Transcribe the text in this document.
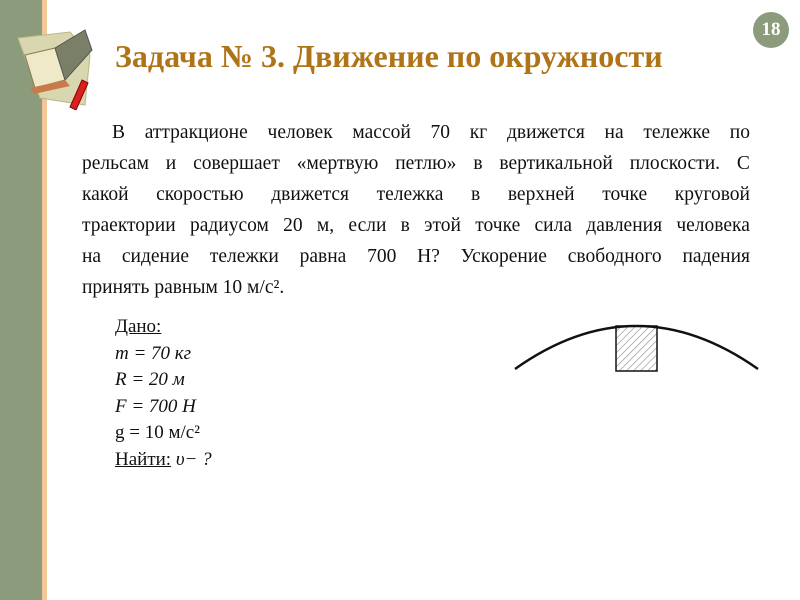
Задача № 3. Движение по окружности
18
В аттракционе человек массой 70 кг движется на тележке по
рельсам и совершает «мертвую петлю» в вертикальной плоскости. С
какой скоростью движется тележка в верхней точке круговой
траектории радиусом 20 м, если в этой точке сила давления человека
на сидение тележки равна 700 Н? Ускорение свободного падения
принять равным 10 м/с².
Дано:
m = 70 кг
R = 20 м
F = 700 Н
g = 10 м/с²
Найти: υ− ?
